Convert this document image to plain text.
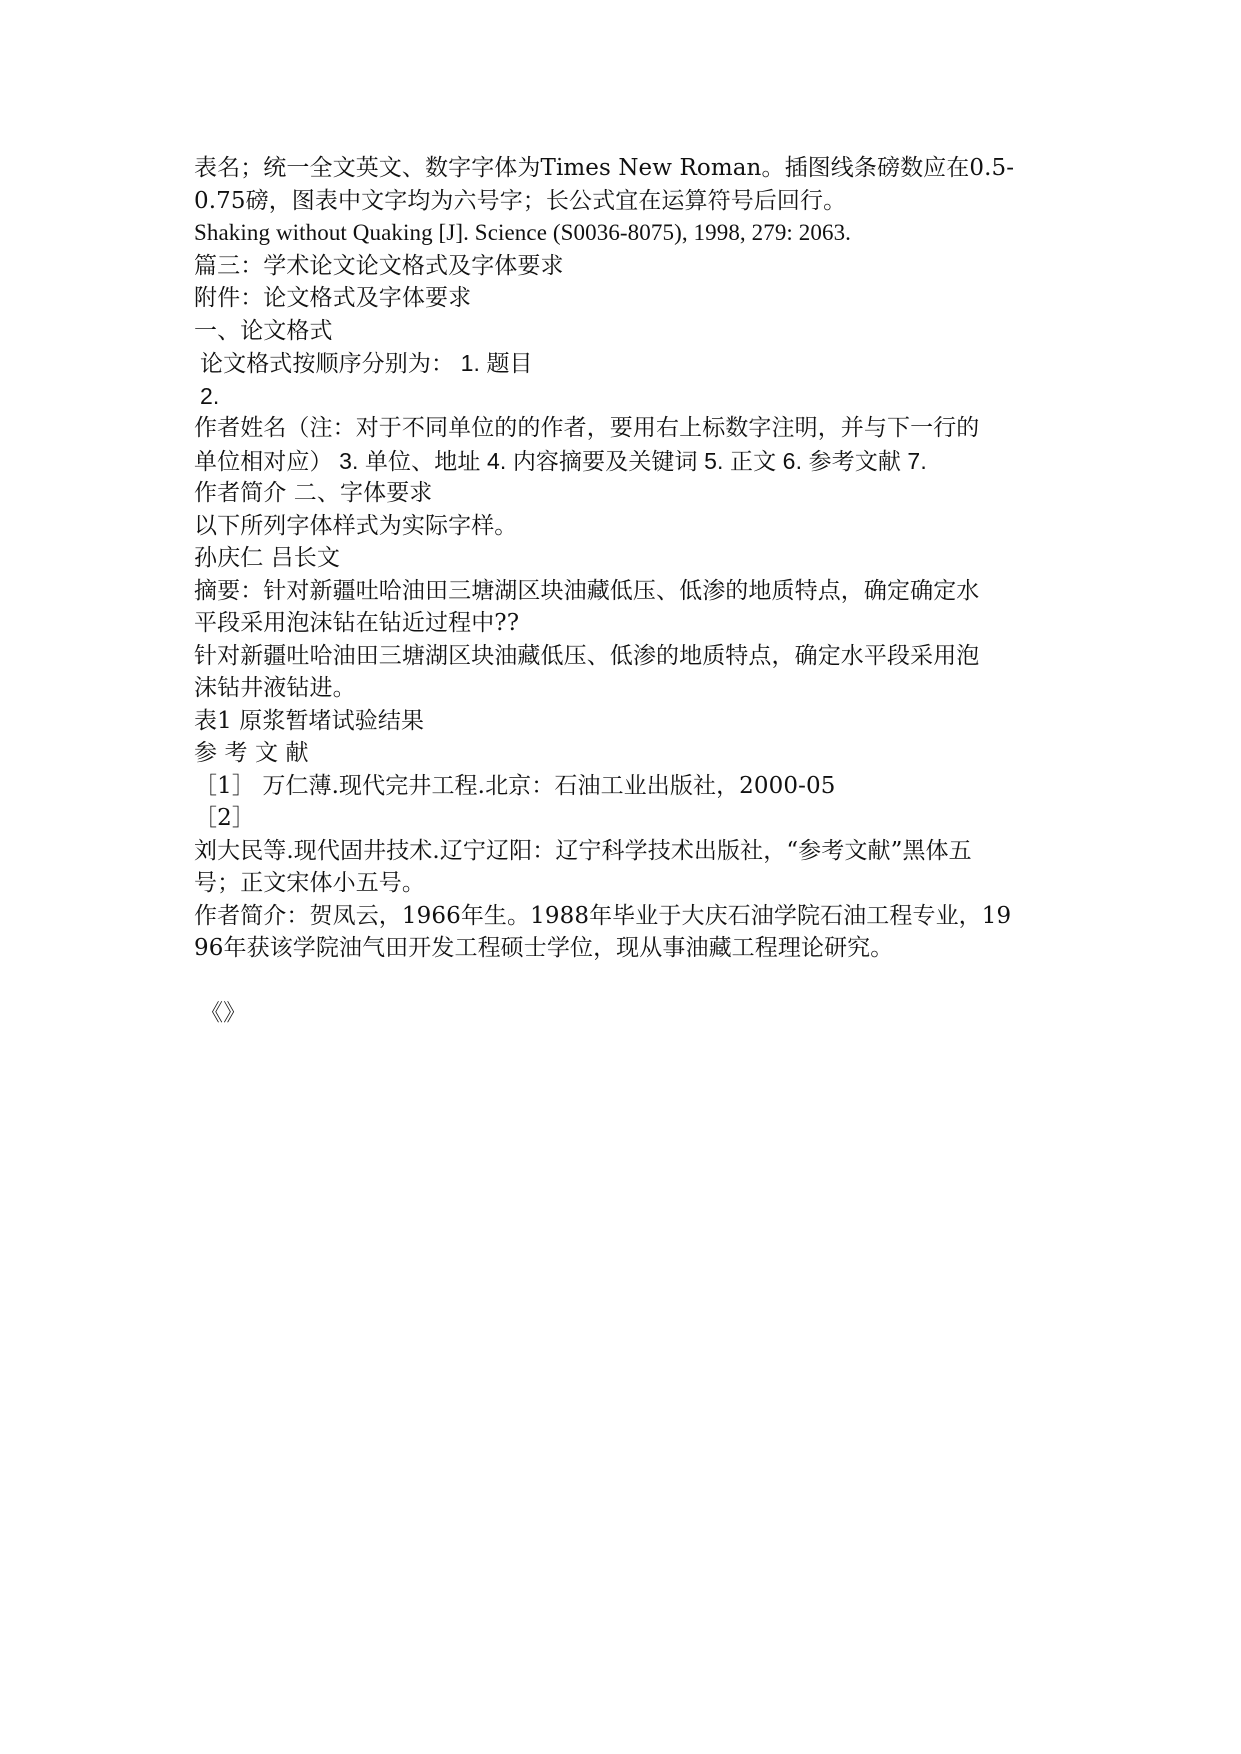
表名；统一全文英文、数字字体为Times New Roman。插图线条磅数应在0.5-

0.75磅，图表中文字均为六号字；长公式宜在运算符号后回行。

Shaking without Quaking [J]. Science (S0036-8075), 1998, 279: 2063.

篇三：学术论文论文格式及字体要求

附件：论文格式及字体要求

一、论文格式

论文格式按顺序分别为： 1. 题目

2.

作者姓名（注：对于不同单位的的作者，要用右上标数字注明，并与下一行的

单位相对应） 3. 单位、地址 4. 内容摘要及关键词 5. 正文 6. 参考文献 7.

作者简介 二、字体要求

以下所列字体样式为实际字样。

孙庆仁 吕长文

摘要：针对新疆吐哈油田三塘湖区块油藏低压、低渗的地质特点，确定确定水

平段采用泡沫钻在钻近过程中??

针对新疆吐哈油田三塘湖区块油藏低压、低渗的地质特点，确定水平段采用泡

沫钻井液钻进。

表1 原浆暂堵试验结果

参 考 文 献

［1］ 万仁薄.现代完井工程.北京：石油工业出版社，2000-05

［2］

刘大民等.现代固井技术.辽宁辽阳：辽宁科学技术出版社，“参考文献”黑体五

号；正文宋体小五号。

作者简介：贺凤云，1966年生。1988年毕业于大庆石油学院石油工程专业，19

96年获该学院油气田开发工程硕士学位，现从事油藏工程理论研究。

《》
